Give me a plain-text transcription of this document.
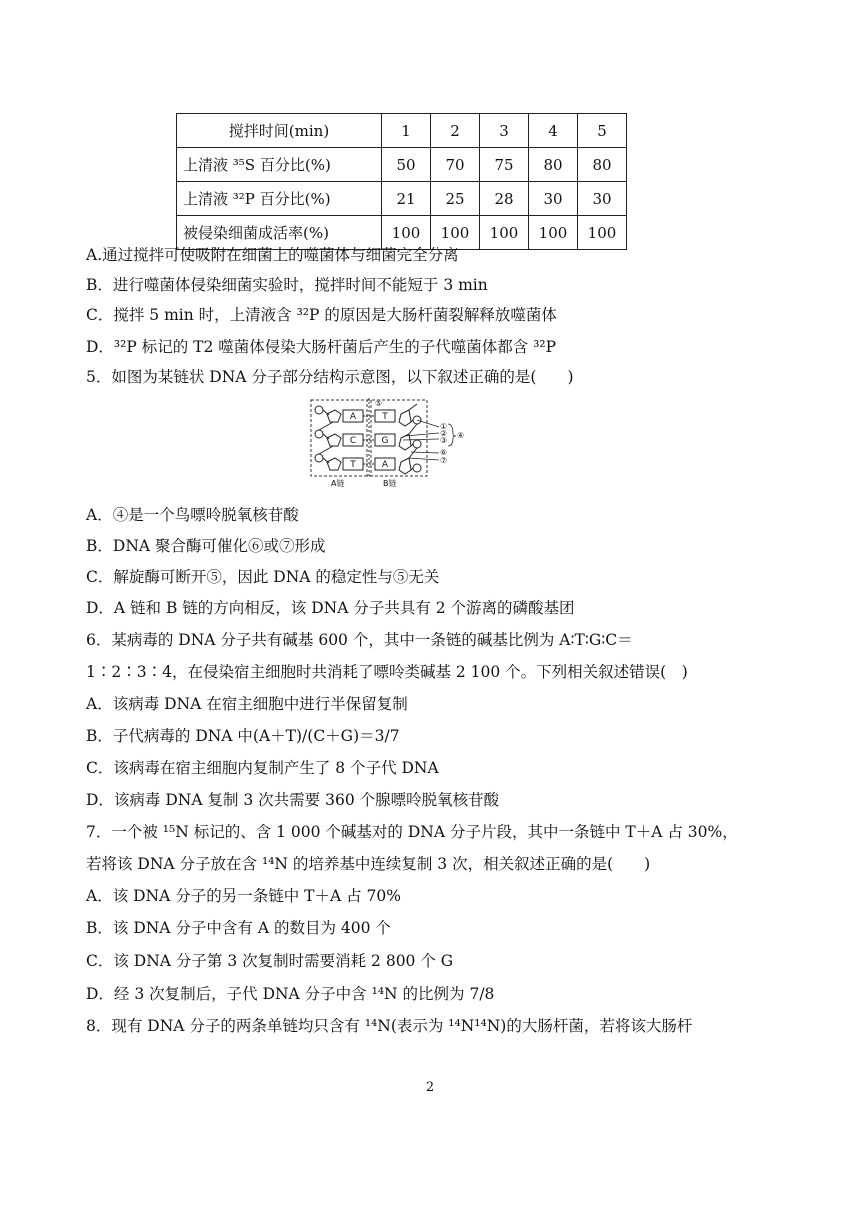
搅拌时间(min)	1	2	3	4	5
上清液 ³⁵S 百分比(%)	50	70	75	80	80
上清液 ³²P 百分比(%)	21	25	28	30	30
被侵染细菌成活率(%)	100	100	100	100	100
A.通过搅拌可使吸附在细菌上的噬菌体与细菌完全分离
B．进行噬菌体侵染细菌实验时，搅拌时间不能短于 3 min
C．搅拌 5 min 时，上清液含 ³²P 的原因是大肠杆菌裂解释放噬菌体
D．³²P 标记的 T2 噬菌体侵染大肠杆菌后产生的子代噬菌体都含 ³²P
5．如图为某链状 DNA 分子部分结构示意图，以下叙述正确的是(　　)
A
C
T
T
G
A
⑤
①
②
③
④
⑥
⑦
A链	B链
A．④是一个鸟嘌呤脱氧核苷酸
B．DNA 聚合酶可催化⑥或⑦形成
C．解旋酶可断开⑤，因此 DNA 的稳定性与⑤无关
D．A 链和 B 链的方向相反，该 DNA 分子共具有 2 个游离的磷酸基团
6．某病毒的 DNA 分子共有碱基 600 个，其中一条链的碱基比例为 A∶T∶G∶C＝
1∶2∶3∶4，在侵染宿主细胞时共消耗了嘌呤类碱基 2 100 个。下列相关叙述错误(　)
A．该病毒 DNA 在宿主细胞中进行半保留复制
B．子代病毒的 DNA 中(A＋T)/(C＋G)＝3/7
C．该病毒在宿主细胞内复制产生了 8 个子代 DNA
D．该病毒 DNA 复制 3 次共需要 360 个腺嘌呤脱氧核苷酸
7．一个被 ¹⁵N 标记的、含 1 000 个碱基对的 DNA 分子片段，其中一条链中 T＋A 占 30%，
若将该 DNA 分子放在含 ¹⁴N 的培养基中连续复制 3 次，相关叙述正确的是(　　)
A．该 DNA 分子的另一条链中 T＋A 占 70%
B．该 DNA 分子中含有 A 的数目为 400 个
C．该 DNA 分子第 3 次复制时需要消耗 2 800 个 G
D．经 3 次复制后，子代 DNA 分子中含 ¹⁴N 的比例为 7/8
8．现有 DNA 分子的两条单链均只含有 ¹⁴N(表示为 ¹⁴N¹⁴N)的大肠杆菌，若将该大肠杆
2
